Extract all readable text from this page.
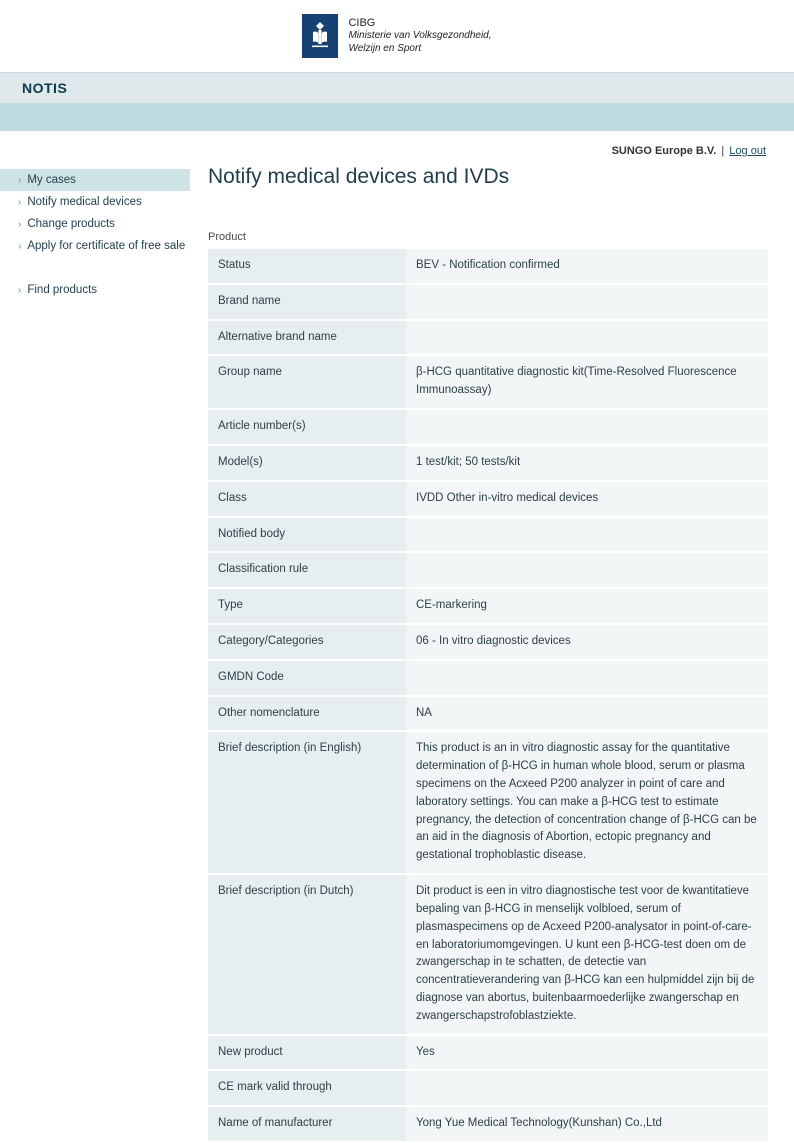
CIBG
Ministerie van Volksgezondheid,
Welzijn en Sport
NOTIS
SUNGO Europe B.V. | Log out
› My cases
› Notify medical devices
› Change products
› Apply for certificate of free sale
› Find products
Notify medical devices and IVDs
Product
Status	BEV - Notification confirmed
Brand name	
Alternative brand name	
Group name	β-HCG quantitative diagnostic kit(Time-Resolved Fluorescence Immunoassay)
Article number(s)	
Model(s)	1 test/kit; 50 tests/kit
Class	IVDD Other in-vitro medical devices
Notified body	
Classification rule	
Type	CE-markering
Category/Categories	06 - In vitro diagnostic devices
GMDN Code	
Other nomenclature	NA
Brief description (in English)	This product is an in vitro diagnostic assay for the quantitative determination of β-HCG in human whole blood, serum or plasma specimens on the Acxeed P200 analyzer in point of care and laboratory settings. You can make a β-HCG test to estimate pregnancy, the detection of concentration change of β-HCG can be an aid in the diagnosis of Abortion, ectopic pregnancy and gestational trophoblastic disease.
Brief description (in Dutch)	Dit product is een in vitro diagnostische test voor de kwantitatieve bepaling van β-HCG in menselijk volbloed, serum of plasmaspecimens op de Acxeed P200-analysator in point-of-care- en laboratoriumomgevingen. U kunt een β-HCG-test doen om de zwangerschap in te schatten, de detectie van concentratieverandering van β-HCG kan een hulpmiddel zijn bij de diagnose van abortus, buitenbaarmoederlijke zwangerschap en zwangerschapstrofoblastziekte.
New product	Yes
CE mark valid through	
Name of manufacturer	Yong Yue Medical Technology(Kunshan) Co.,Ltd
